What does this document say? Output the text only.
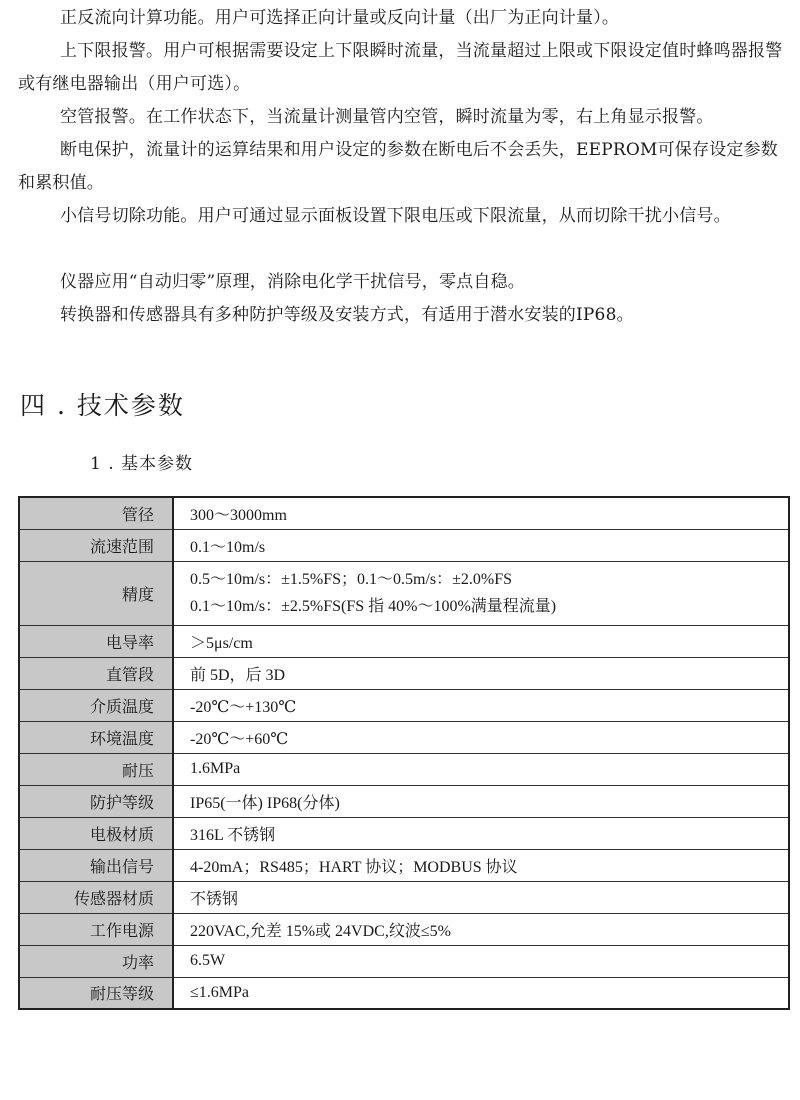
正反流向计算功能。用户可选择正向计量或反向计量（出厂为正向计量）。

上下限报警。用户可根据需要设定上下限瞬时流量，当流量超过上限或下限设定值时蜂鸣器报警或有继电器输出（用户可选）。

空管报警。在工作状态下，当流量计测量管内空管，瞬时流量为零，右上角显示报警。

断电保护，流量计的运算结果和用户设定的参数在断电后不会丢失，EEPROM可保存设定参数和累积值。

小信号切除功能。用户可通过显示面板设置下限电压或下限流量，从而切除干扰小信号。

仪器应用“自动归零”原理，消除电化学干扰信号，零点自稳。

转换器和传感器具有多种防护等级及安装方式，有适用于潜水安装的IP68。

四 . 技术参数
1 . 基本参数
管径	300～3000mm
流速范围	0.1～10m/s
精度	0.5～10m/s：±1.5%FS；0.1～0.5m/s：±2.0%FS
0.1～10m/s：±2.5%FS(FS 指 40%～100%满量程流量)

电导率	＞5μs/cm
直管段	前 5D，后 3D
介质温度	-20℃～+130℃
环境温度	-20℃～+60℃
耐压	1.6MPa
防护等级	IP65(一体) IP68(分体)
电极材质	316L 不锈钢
输出信号	4-20mA；RS485；HART 协议；MODBUS 协议
传感器材质	不锈钢
工作电源	220VAC,允差 15%或 24VDC,纹波≤5%
功率	6.5W
耐压等级	≤1.6MPa
